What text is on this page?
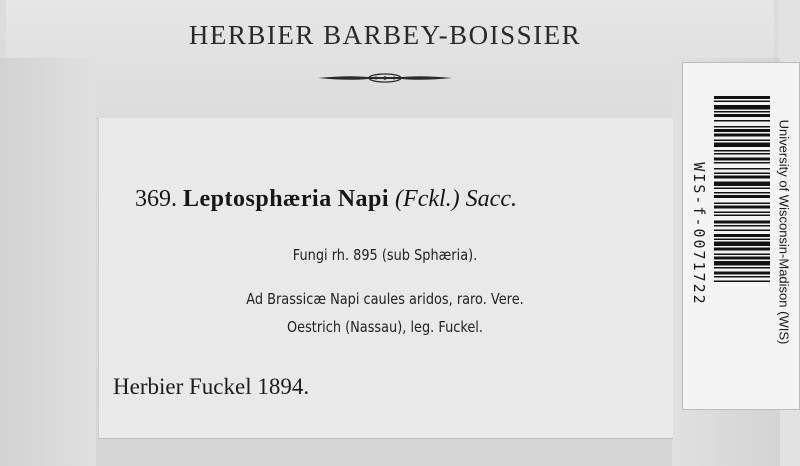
HERBIER BARBEY-BOISSIER
369. Leptosphæria Napi (Fckl.) Sacc.
Fungi rh. 895 (sub Sphæria).
Ad Brassicæ Napi caules aridos, raro. Vere.
Oestrich (Nassau), leg. Fuckel.
Herbier Fuckel 1894.
WIS-f-0071722	University of Wisconsin-Madison (WIS)
